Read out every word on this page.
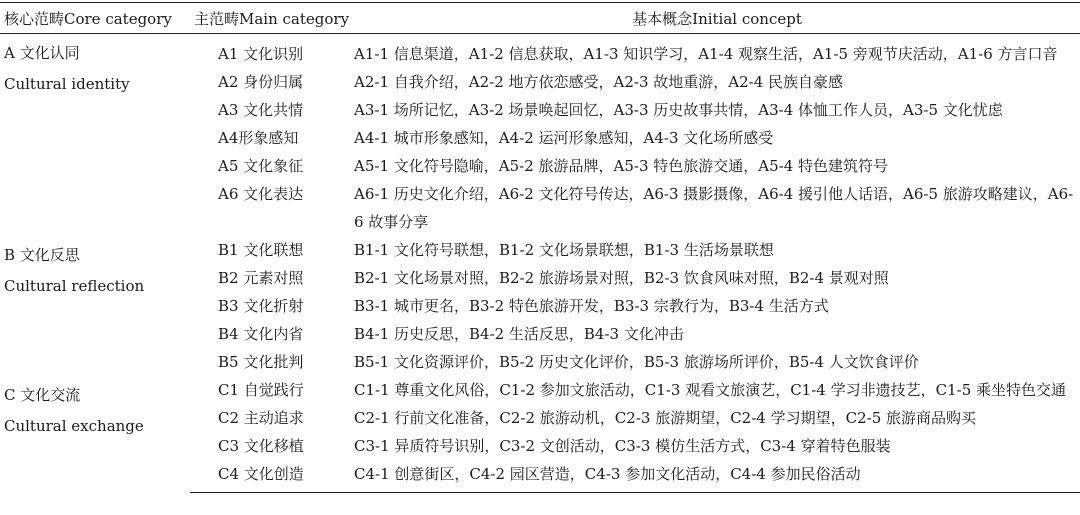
核心范畴Core category	主范畴Main category	基本概念Initial concept

A 文化认同
Cultural identity	A1 文化识别	A1-1 信息渠道，A1-2 信息获取，A1-3 知识学习，A1-4 观察生活，A1-5 旁观节庆活动，A1-6 方言口音
	A2 身份归属	A2-1 自我介绍，A2-2 地方依恋感受，A2-3 故地重游，A2-4 民族自豪感
	A3 文化共情	A3-1 场所记忆，A3-2 场景唤起回忆，A3-3 历史故事共情，A3-4 体恤工作人员，A3-5 文化忧虑
	A4形象感知	A4-1 城市形象感知，A4-2 运河形象感知，A4-3 文化场所感受
	A5 文化象征	A5-1 文化符号隐喻，A5-2 旅游品牌，A5-3 特色旅游交通，A5-4 特色建筑符号
	A6 文化表达	A6-1 历史文化介绍，A6-2 文化符号传达，A6-3 摄影摄像，A6-4 援引他人话语，A6-5 旅游攻略建议，A6-6 故事分享

B 文化反思
Cultural reflection	B1 文化联想	B1-1 文化符号联想，B1-2 文化场景联想，B1-3 生活场景联想
	B2 元素对照	B2-1 文化场景对照，B2-2 旅游场景对照，B2-3 饮食风味对照，B2-4 景观对照
	B3 文化折射	B3-1 城市更名，B3-2 特色旅游开发，B3-3 宗教行为，B3-4 生活方式
	B4 文化内省	B4-1 历史反思，B4-2 生活反思，B4-3 文化冲击
	B5 文化批判	B5-1 文化资源评价，B5-2 历史文化评价，B5-3 旅游场所评价，B5-4 人文饮食评价

C 文化交流
Cultural exchange	C1 自觉践行	C1-1 尊重文化风俗，C1-2 参加文旅活动，C1-3 观看文旅演艺，C1-4 学习非遗技艺，C1-5 乘坐特色交通
	C2 主动追求	C2-1 行前文化准备，C2-2 旅游动机，C2-3 旅游期望，C2-4 学习期望，C2-5 旅游商品购买
	C3 文化移植	C3-1 异质符号识别，C3-2 文创活动，C3-3 模仿生活方式，C3-4 穿着特色服装
	C4 文化创造	C4-1 创意街区，C4-2 园区营造，C4-3 参加文化活动，C4-4 参加民俗活动
